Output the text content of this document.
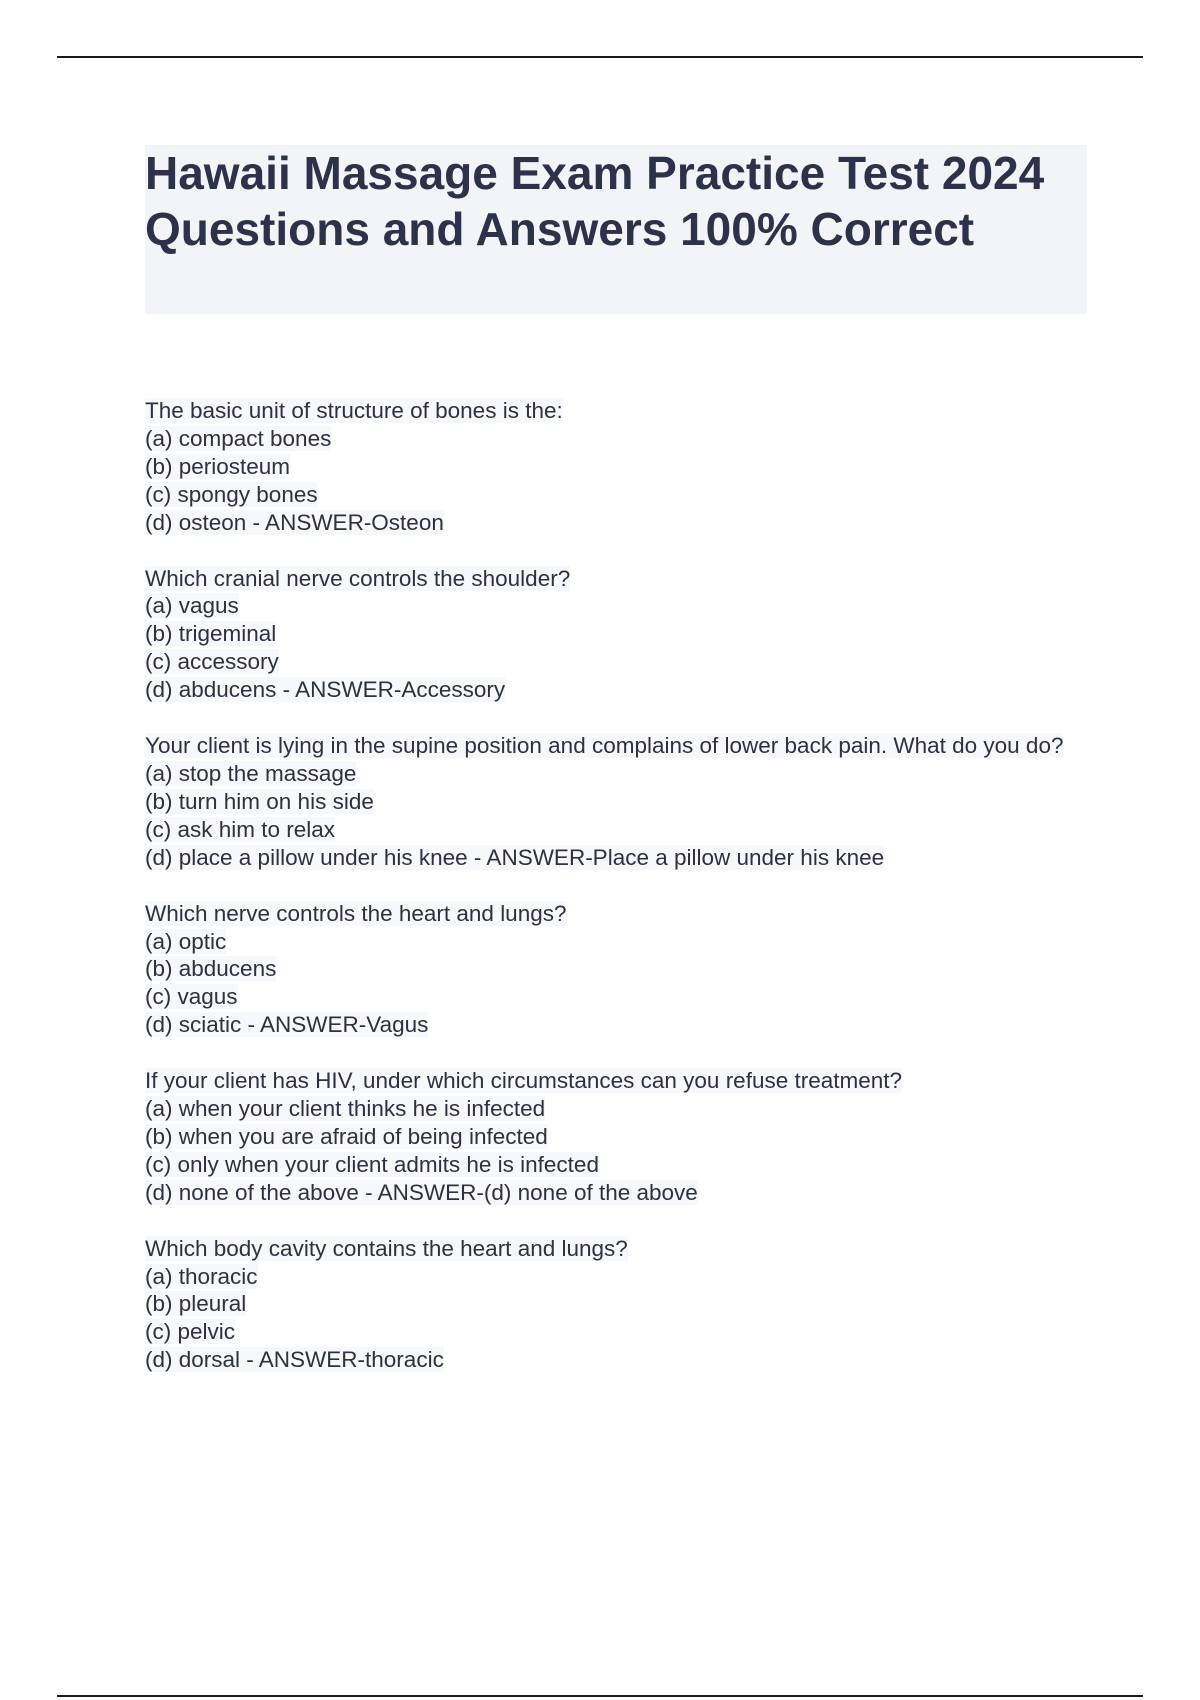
Hawaii Massage Exam Practice Test 2024 Questions and Answers 100% Correct
The basic unit of structure of bones is the:
(a) compact bones
(b) periosteum
(c) spongy bones
(d) osteon - ANSWER-Osteon
Which cranial nerve controls the shoulder?
(a) vagus
(b) trigeminal
(c) accessory
(d) abducens - ANSWER-Accessory
Your client is lying in the supine position and complains of lower back pain. What do you do?
(a) stop the massage
(b) turn him on his side
(c) ask him to relax
(d) place a pillow under his knee - ANSWER-Place a pillow under his knee
Which nerve controls the heart and lungs?
(a) optic
(b) abducens
(c) vagus
(d) sciatic - ANSWER-Vagus
If your client has HIV, under which circumstances can you refuse treatment?
(a) when your client thinks he is infected
(b) when you are afraid of being infected
(c) only when your client admits he is infected
(d) none of the above - ANSWER-(d) none of the above
Which body cavity contains the heart and lungs?
(a) thoracic
(b) pleural
(c) pelvic
(d) dorsal - ANSWER-thoracic
